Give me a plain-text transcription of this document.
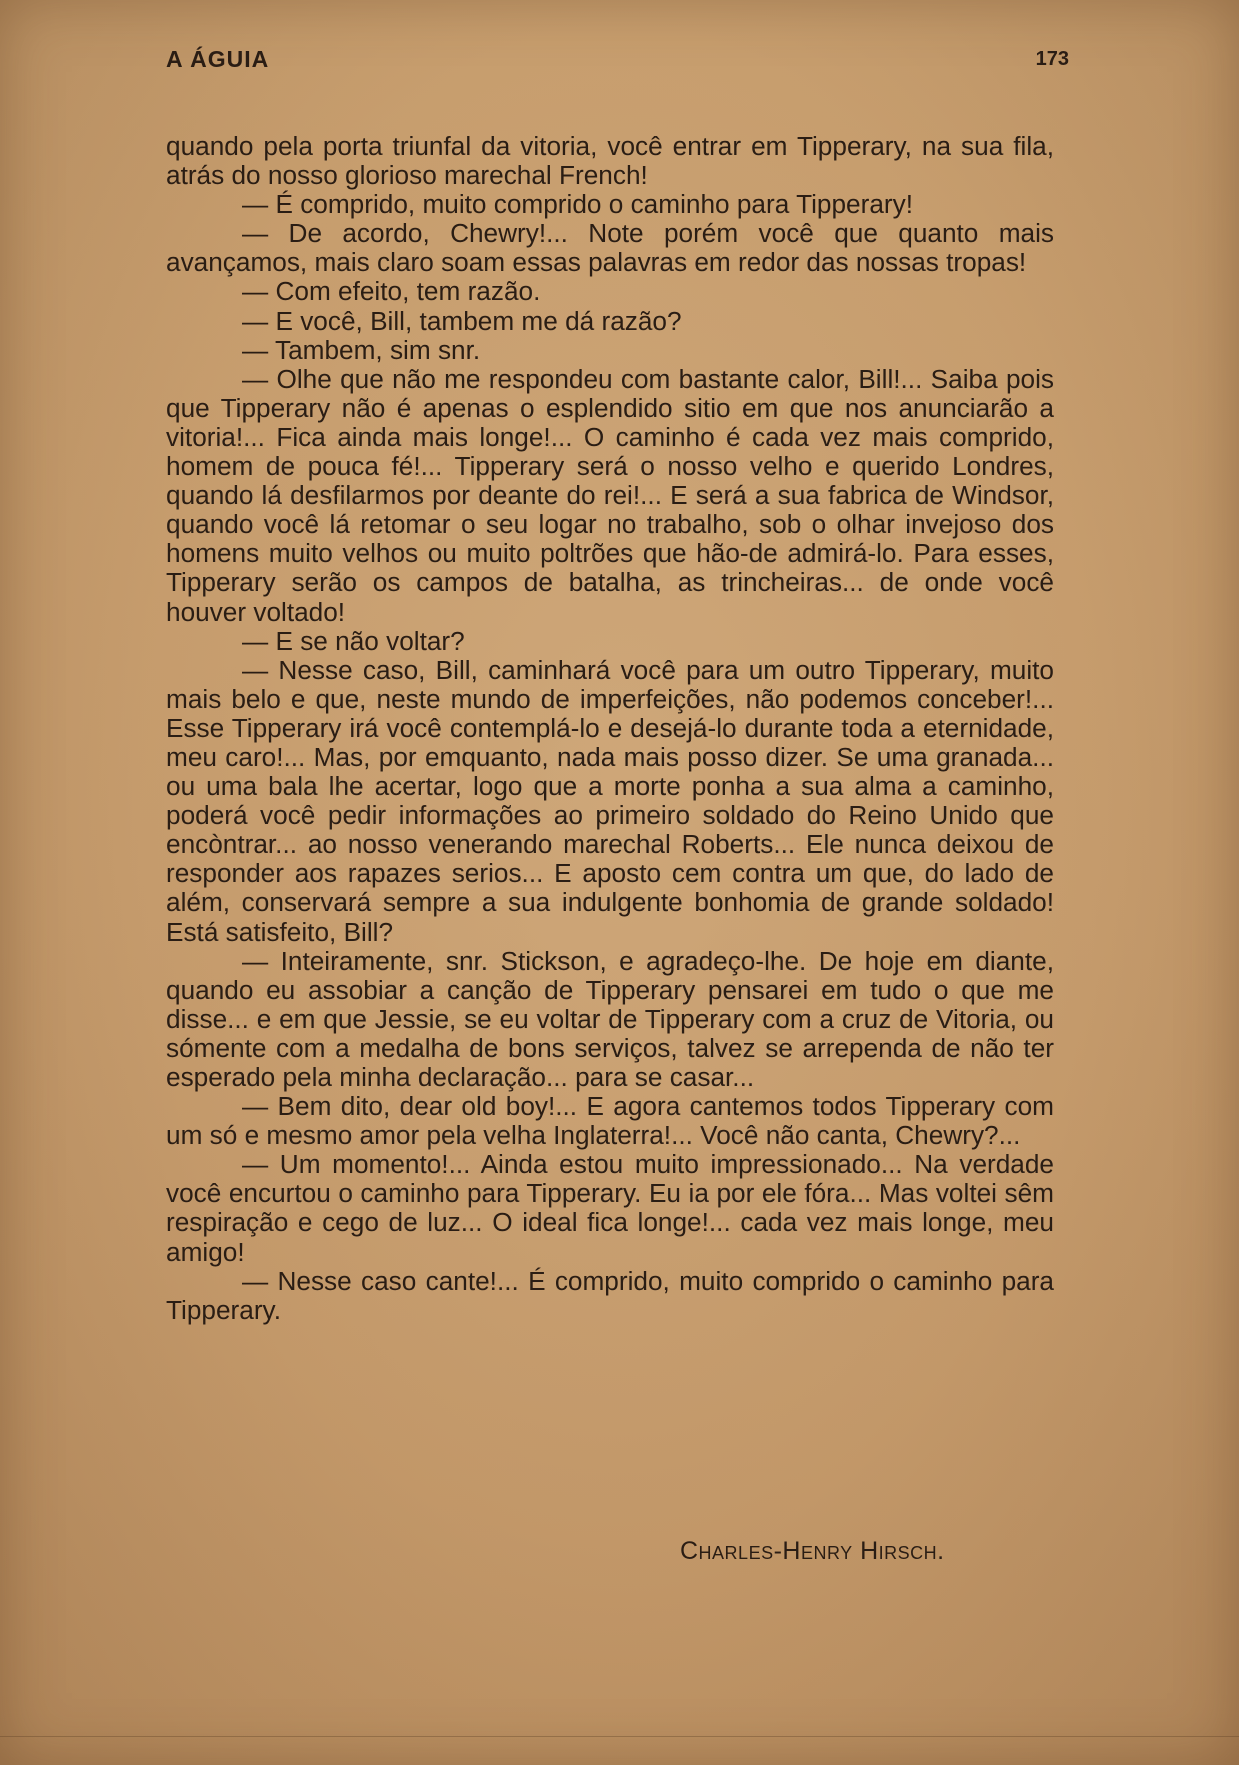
A ÁGUIA	173

quando pela porta triunfal da vitoria, você entrar em Tipperary, na sua fila, atrás do nosso glorioso marechal French!

— É comprido, muito comprido o caminho para Tipperary!

— De acordo, Chewry!... Note porém você que quanto mais avançamos, mais claro soam essas palavras em redor das nossas tropas!

— Com efeito, tem razão.

— E você, Bill, tambem me dá razão?

— Tambem, sim snr.

— Olhe que não me respondeu com bastante calor, Bill!... Saiba pois que Tipperary não é apenas o esplendido sitio em que nos anunciarão a vitoria!... Fica ainda mais longe!... O caminho é cada vez mais comprido, homem de pouca fé!... Tipperary será o nosso velho e querido Londres, quando lá desfilarmos por deante do rei!... E será a sua fabrica de Windsor, quando você lá retomar o seu logar no trabalho, sob o olhar invejoso dos homens muito velhos ou muito poltrões que hão-de admirá-lo. Para esses, Tipperary serão os campos de batalha, as trincheiras... de onde você houver voltado!

— E se não voltar?

— Nesse caso, Bill, caminhará você para um outro Tipperary, muito mais belo e que, neste mundo de imperfeições, não podemos conceber!... Esse Tipperary irá você contemplá-lo e desejá-lo durante toda a eternidade, meu caro!... Mas, por emquanto, nada mais posso dizer. Se uma granada... ou uma bala lhe acertar, logo que a morte ponha a sua alma a caminho, poderá você pedir informações ao primeiro soldado do Reino Unido que encòntrar... ao nosso venerando marechal Roberts... Ele nunca deixou de responder aos rapazes serios... E aposto cem contra um que, do lado de além, conservará sempre a sua indulgente bonhomia de grande soldado! Está satisfeito, Bill?

— Inteiramente, snr. Stickson, e agradeço-lhe. De hoje em diante, quando eu assobiar a canção de Tipperary pensarei em tudo o que me disse... e em que Jessie, se eu voltar de Tipperary com a cruz de Vitoria, ou sómente com a medalha de bons serviços, talvez se arrependa de não ter esperado pela minha declaração... para se casar...

— Bem dito, dear old boy!... E agora cantemos todos Tipperary com um só e mesmo amor pela velha Inglaterra!... Você não canta, Chewry?...

— Um momento!... Ainda estou muito impressionado... Na verdade você encurtou o caminho para Tipperary. Eu ia por ele fóra... Mas voltei sêm respiração e cego de luz... O ideal fica longe!... cada vez mais longe, meu amigo!

— Nesse caso cante!... É comprido, muito comprido o caminho para Tipperary.

Charles-Henry Hirsch.
